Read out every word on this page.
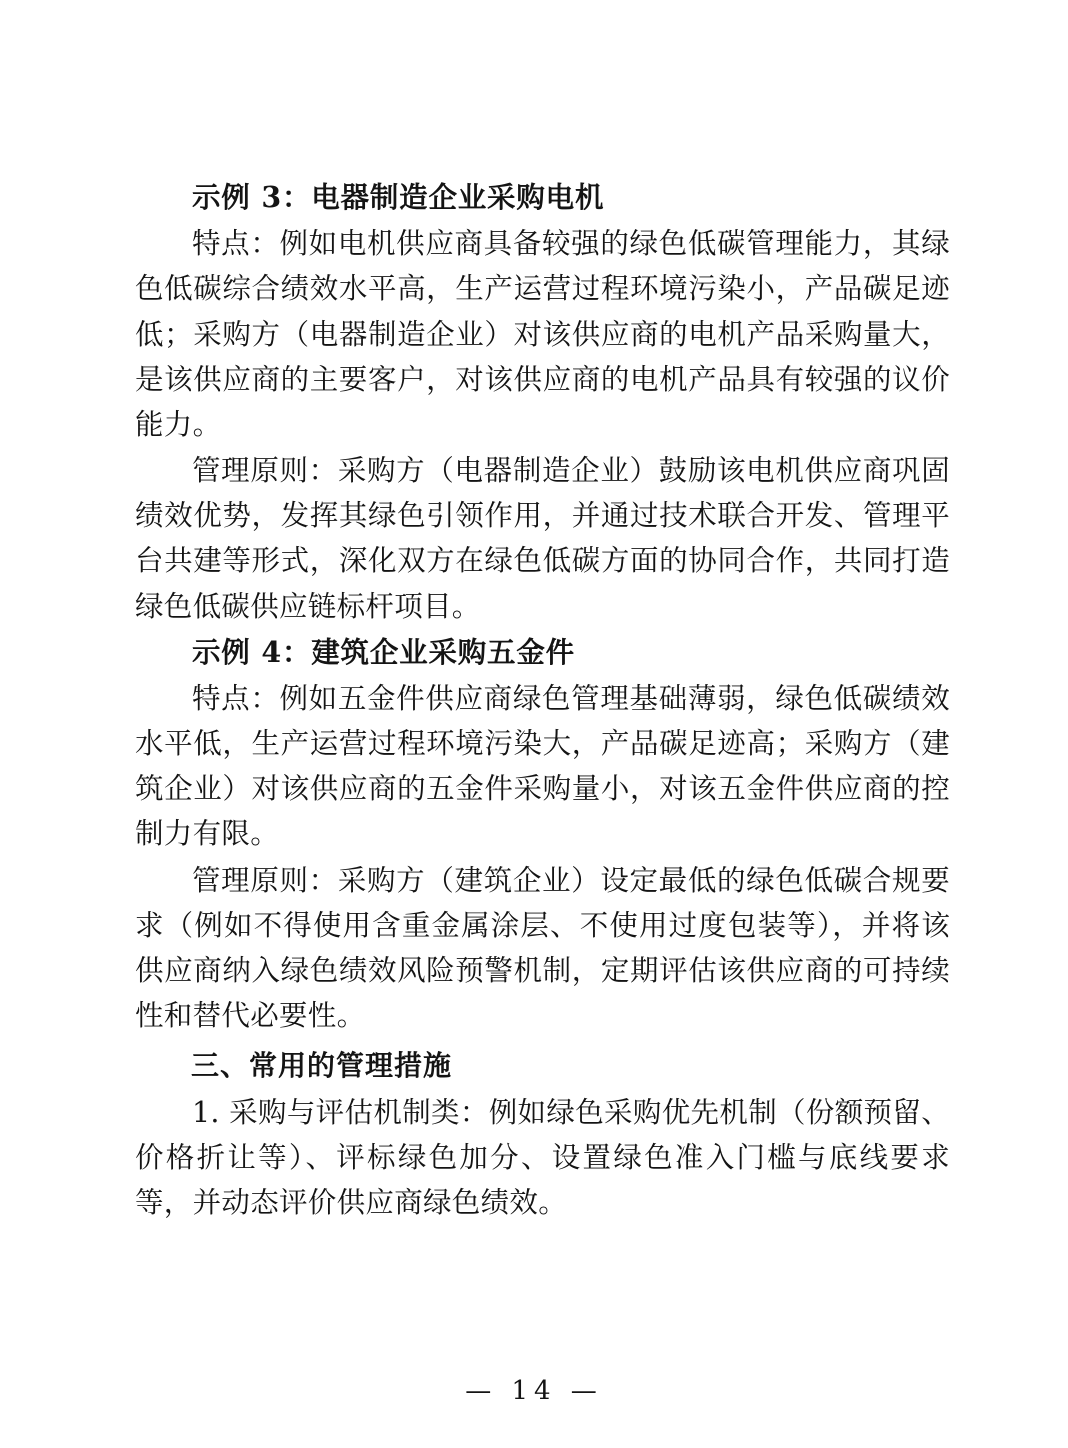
示例 3：电器制造企业采购电机

特点：例如电机供应商具备较强的绿色低碳管理能力，其绿色低碳综合绩效水平高，生产运营过程环境污染小，产品碳足迹低；采购方（电器制造企业）对该供应商的电机产品采购量大，是该供应商的主要客户，对该供应商的电机产品具有较强的议价能力。

管理原则：采购方（电器制造企业）鼓励该电机供应商巩固绩效优势，发挥其绿色引领作用，并通过技术联合开发、管理平台共建等形式，深化双方在绿色低碳方面的协同合作，共同打造绿色低碳供应链标杆项目。

示例 4：建筑企业采购五金件

特点：例如五金件供应商绿色管理基础薄弱，绿色低碳绩效水平低，生产运营过程环境污染大，产品碳足迹高；采购方（建筑企业）对该供应商的五金件采购量小，对该五金件供应商的控制力有限。

管理原则：采购方（建筑企业）设定最低的绿色低碳合规要求（例如不得使用含重金属涂层、不使用过度包装等），并将该供应商纳入绿色绩效风险预警机制，定期评估该供应商的可持续性和替代必要性。

三、常用的管理措施

1. 采购与评估机制类：例如绿色采购优先机制（份额预留、价格折让等）、评标绿色加分、设置绿色准入门槛与底线要求等，并动态评价供应商绿色绩效。

— 14 —
